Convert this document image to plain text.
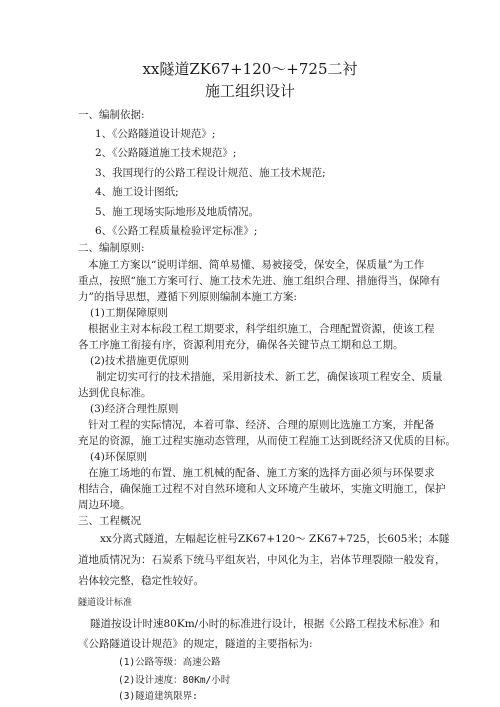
xx隧道ZK67+120～+725二衬
施工组织设计
一、编制依据:
1、《公路隧道设计规范》;
2、《公路隧道施工技术规范》;
3、我国现行的公路工程设计规范、施工技术规范;
4、施工设计图纸;
5、施工现场实际地形及地质情况。
6、《公路工程质量检验评定标准》;
二、编制原则:
本施工方案以“说明详细、简单易懂、易被接受，保安全，保质量”为工作
重点，按照“施工方案可行、施工技术先进、施工组织合理、措施得当，保障有
力”的指导思想，遵循下列原则编制本施工方案:
(1)工期保障原则
根据业主对本标段工程工期要求，科学组织施工，合理配置资源，使该工程
各工序施工衔接有序，资源利用充分，确保各关键节点工期和总工期。
(2)技术措施更优原则
制定切实可行的技术措施，采用新技术、新工艺，确保该项工程安全、质量
达到优良标准。
(3)经济合理性原则
针对工程的实际情况，本着可靠、经济、合理的原则比选施工方案，并配备
充足的资源，施工过程实施动态管理，从而使工程施工达到既经济又优质的目标。
(4)环保原则
在施工场地的布置、施工机械的配备、施工方案的选择方面必须与环保要求
相结合，确保施工过程不对自然环境和人文环境产生破坏，实施文明施工，保护
周边环境。
三、工程概况
xx分离式隧道，左幅起讫桩号ZK67+120～ ZK67+725，长605米；本隧
道地质情况为：石炭系下统马平组灰岩，中风化为主，岩体节理裂隙一般发育，
岩体较完整，稳定性较好。
隧道设计标准
隧道按设计时速80Km/小时的标准进行设计，根据《公路工程技术标准》和
《公路隧道设计规范》的规定，隧道的主要指标为:
(1)公路等级：高速公路
(2)设计速度：80Km/小时
(3)隧道建筑限界:
